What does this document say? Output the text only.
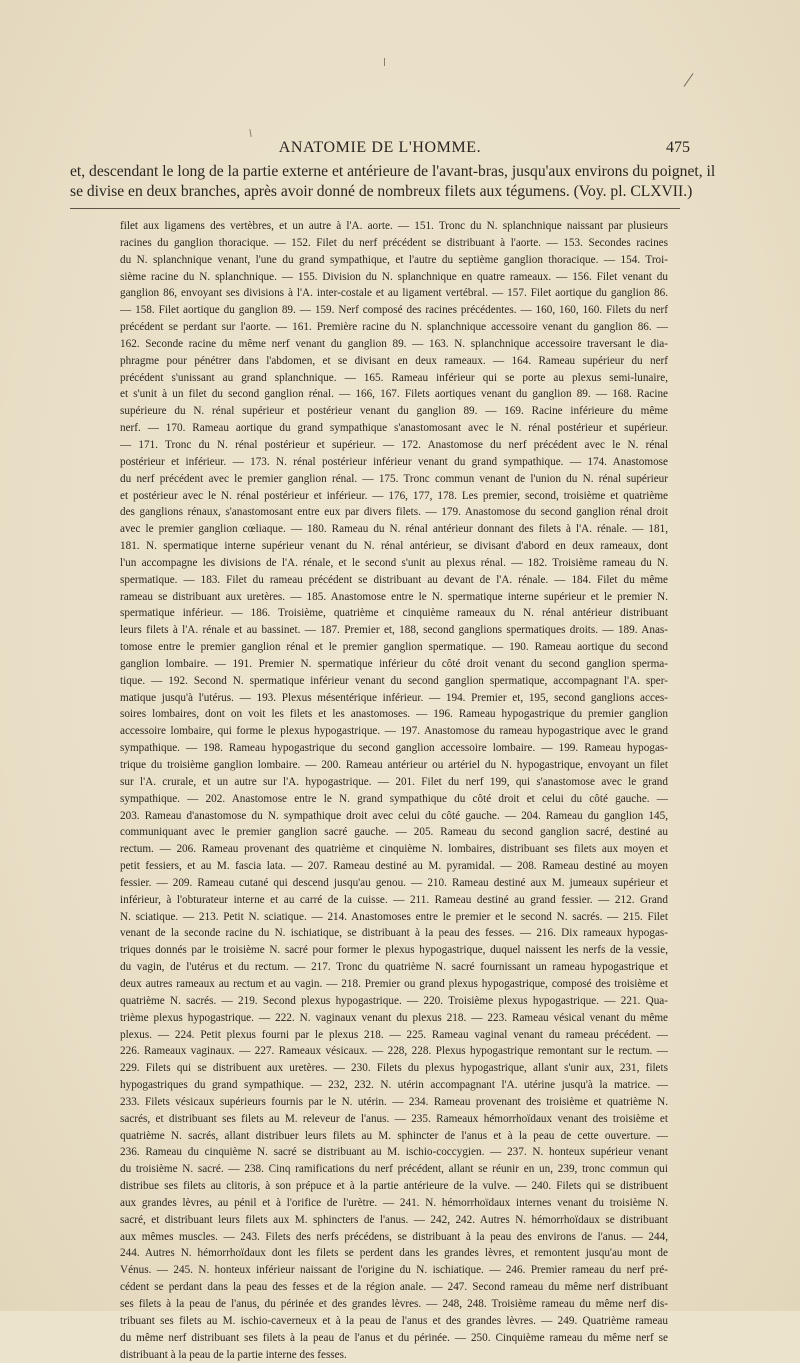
ANATOMIE DE L'HOMME.	475
et, descendant le long de la partie externe et antérieure de l'avant-bras, jusqu'aux environs du poignet, il
se divise en deux branches, après avoir donné de nombreux filets aux tégumens. (Voy. pl. CLXVII.)
filet aux ligamens des vertèbres, et un autre à l'A. aorte. — 151. Tronc du N. splanchnique naissant par plusieurs
racines du ganglion thoracique. — 152. Filet du nerf précédent se distribuant à l'aorte. — 153. Secondes racines
du N. splanchnique venant, l'une du grand sympathique, et l'autre du septième ganglion thoracique. — 154. Troi-
sième racine du N. splanchnique. — 155. Division du N. splanchnique en quatre rameaux. — 156. Filet venant du
ganglion 86, envoyant ses divisions à l'A. inter-costale et au ligament vertébral. — 157. Filet aortique du ganglion 86.
— 158. Filet aortique du ganglion 89. — 159. Nerf composé des racines précédentes. — 160, 160, 160. Filets du nerf
précédent se perdant sur l'aorte. — 161. Première racine du N. splanchnique accessoire venant du ganglion 86. —
162. Seconde racine du même nerf venant du ganglion 89. — 163. N. splanchnique accessoire traversant le dia-
phragme pour pénétrer dans l'abdomen, et se divisant en deux rameaux. — 164. Rameau supérieur du nerf
précédent s'unissant au grand splanchnique. — 165. Rameau inférieur qui se porte au plexus semi-lunaire,
et s'unit à un filet du second ganglion rénal. — 166, 167. Filets aortiques venant du ganglion 89. — 168. Racine
supérieure du N. rénal supérieur et postérieur venant du ganglion 89. — 169. Racine inférieure du même
nerf. — 170. Rameau aortique du grand sympathique s'anastomosant avec le N. rénal postérieur et supérieur.
— 171. Tronc du N. rénal postérieur et supérieur. — 172. Anastomose du nerf précédent avec le N. rénal
postérieur et inférieur. — 173. N. rénal postérieur inférieur venant du grand sympathique. — 174. Anastomose
du nerf précédent avec le premier ganglion rénal. — 175. Tronc commun venant de l'union du N. rénal supérieur
et postérieur avec le N. rénal postérieur et inférieur. — 176, 177, 178. Les premier, second, troisième et quatrième
des ganglions rénaux, s'anastomosant entre eux par divers filets. — 179. Anastomose du second ganglion rénal droit
avec le premier ganglion cœliaque. — 180. Rameau du N. rénal antérieur donnant des filets à l'A. rénale. — 181,
181. N. spermatique interne supérieur venant du N. rénal antérieur, se divisant d'abord en deux rameaux, dont
l'un accompagne les divisions de l'A. rénale, et le second s'unit au plexus rénal. — 182. Troisième rameau du N.
spermatique. — 183. Filet du rameau précédent se distribuant au devant de l'A. rénale. — 184. Filet du même
rameau se distribuant aux uretères. — 185. Anastomose entre le N. spermatique interne supérieur et le premier N.
spermatique inférieur. — 186. Troisième, quatrième et cinquième rameaux du N. rénal antérieur distribuant
leurs filets à l'A. rénale et au bassinet. — 187. Premier et, 188, second ganglions spermatiques droits. — 189. Anas-
tomose entre le premier ganglion rénal et le premier ganglion spermatique. — 190. Rameau aortique du second
ganglion lombaire. — 191. Premier N. spermatique inférieur du côté droit venant du second ganglion sperma-
tique. — 192. Second N. spermatique inférieur venant du second ganglion spermatique, accompagnant l'A. sper-
matique jusqu'à l'utérus. — 193. Plexus mésentérique inférieur. — 194. Premier et, 195, second ganglions acces-
soires lombaires, dont on voit les filets et les anastomoses. — 196. Rameau hypogastrique du premier ganglion
accessoire lombaire, qui forme le plexus hypogastrique. — 197. Anastomose du rameau hypogastrique avec le grand
sympathique. — 198. Rameau hypogastrique du second ganglion accessoire lombaire. — 199. Rameau hypogas-
trique du troisième ganglion lombaire. — 200. Rameau antérieur ou artériel du N. hypogastrique, envoyant un filet
sur l'A. crurale, et un autre sur l'A. hypogastrique. — 201. Filet du nerf 199, qui s'anastomose avec le grand
sympathique. — 202. Anastomose entre le N. grand sympathique du côté droit et celui du côté gauche. —
203. Rameau d'anastomose du N. sympathique droit avec celui du côté gauche. — 204. Rameau du ganglion 145,
communiquant avec le premier ganglion sacré gauche. — 205. Rameau du second ganglion sacré, destiné au
rectum. — 206. Rameau provenant des quatrième et cinquième N. lombaires, distribuant ses filets aux moyen et
petit fessiers, et au M. fascia lata. — 207. Rameau destiné au M. pyramidal. — 208. Rameau destiné au moyen
fessier. — 209. Rameau cutané qui descend jusqu'au genou. — 210. Rameau destiné aux M. jumeaux supérieur et
inférieur, à l'obturateur interne et au carré de la cuisse. — 211. Rameau destiné au grand fessier. — 212. Grand
N. sciatique. — 213. Petit N. sciatique. — 214. Anastomoses entre le premier et le second N. sacrés. — 215. Filet
venant de la seconde racine du N. ischiatique, se distribuant à la peau des fesses. — 216. Dix rameaux hypogas-
triques donnés par le troisième N. sacré pour former le plexus hypogastrique, duquel naissent les nerfs de la vessie,
du vagin, de l'utérus et du rectum. — 217. Tronc du quatrième N. sacré fournissant un rameau hypogastrique et
deux autres rameaux au rectum et au vagin. — 218. Premier ou grand plexus hypogastrique, composé des troisième et
quatrième N. sacrés. — 219. Second plexus hypogastrique. — 220. Troisième plexus hypogastrique. — 221. Qua-
trième plexus hypogastrique. — 222. N. vaginaux venant du plexus 218. — 223. Rameau vésical venant du même
plexus. — 224. Petit plexus fourni par le plexus 218. — 225. Rameau vaginal venant du rameau précédent. —
226. Rameaux vaginaux. — 227. Rameaux vésicaux. — 228, 228. Plexus hypogastrique remontant sur le rectum. —
229. Filets qui se distribuent aux uretères. — 230. Filets du plexus hypogastrique, allant s'unir aux, 231, filets
hypogastriques du grand sympathique. — 232, 232. N. utérin accompagnant l'A. utérine jusqu'à la matrice. —
233. Filets vésicaux supérieurs fournis par le N. utérin. — 234. Rameau provenant des troisième et quatrième N.
sacrés, et distribuant ses filets au M. releveur de l'anus. — 235. Rameaux hémorrhoïdaux venant des troisième et
quatrième N. sacrés, allant distribuer leurs filets au M. sphincter de l'anus et à la peau de cette ouverture. —
236. Rameau du cinquième N. sacré se distribuant au M. ischio-coccygien. — 237. N. honteux supérieur venant
du troisième N. sacré. — 238. Cinq ramifications du nerf précédent, allant se réunir en un, 239, tronc commun qui
distribue ses filets au clitoris, à son prépuce et à la partie antérieure de la vulve. — 240. Filets qui se distribuent
aux grandes lèvres, au pénil et à l'orifice de l'urètre. — 241. N. hémorrhoïdaux internes venant du troisième N.
sacré, et distribuant leurs filets aux M. sphincters de l'anus. — 242, 242. Autres N. hémorrhoïdaux se distribuant
aux mêmes muscles. — 243. Filets des nerfs précédens, se distribuant à la peau des environs de l'anus. — 244,
244. Autres N. hémorrhoïdaux dont les filets se perdent dans les grandes lèvres, et remontent jusqu'au mont de
Vénus. — 245. N. honteux inférieur naissant de l'origine du N. ischiatique. — 246. Premier rameau du nerf pré-
cédent se perdant dans la peau des fesses et de la région anale. — 247. Second rameau du même nerf distribuant
ses filets à la peau de l'anus, du périnée et des grandes lèvres. — 248, 248. Troisième rameau du même nerf dis-
tribuant ses filets au M. ischio-caverneux et à la peau de l'anus et des grandes lèvres. — 249. Quatrième rameau
du même nerf distribuant ses filets à la peau de l'anus et du périnée. — 250. Cinquième rameau du même nerf se
distribuant à la peau de la partie interne des fesses.
